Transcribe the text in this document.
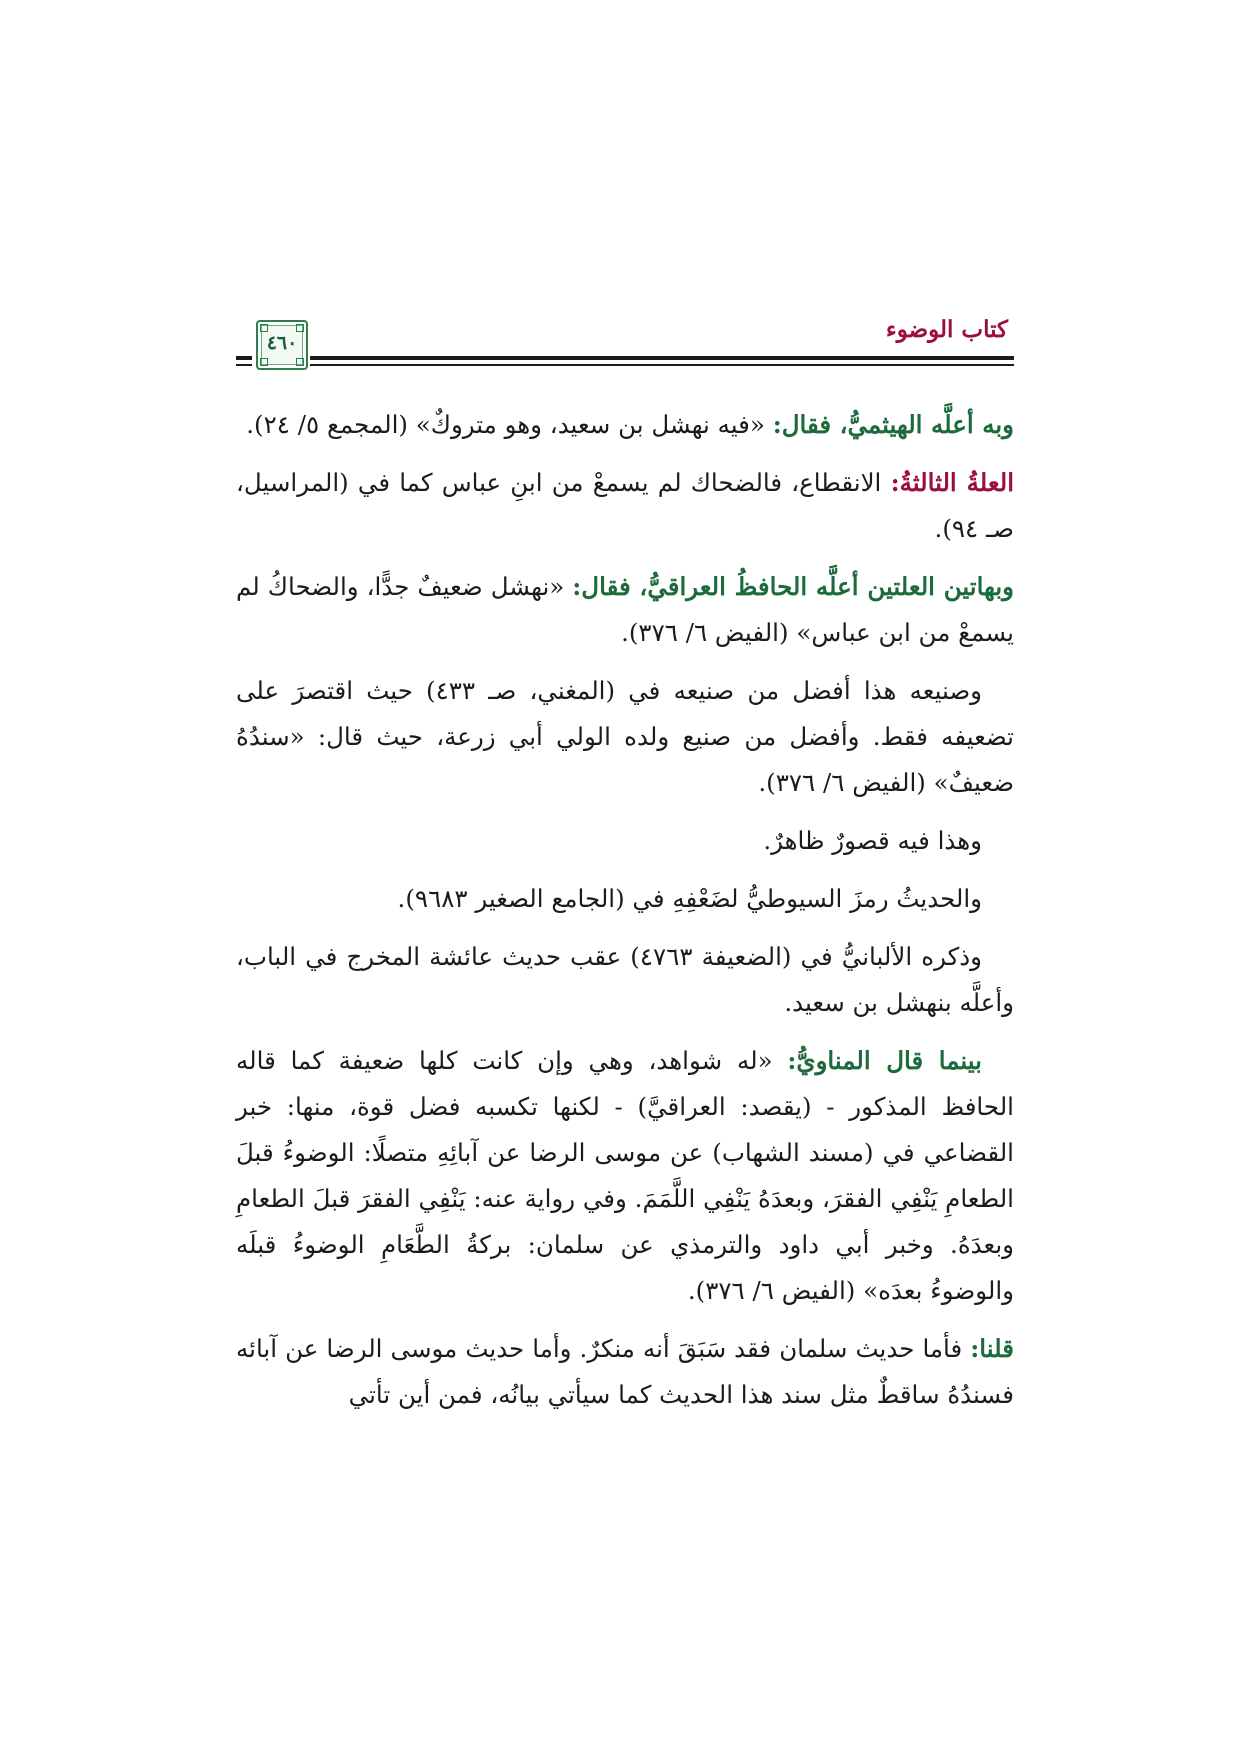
٤٦٠	كتاب الوضوء

وبه أعلَّه الهيثميُّ، فقال: «فيه نهشل بن سعيد، وهو متروكٌ» (المجمع ٥/ ٢٤).

العلةُ الثالثةُ: الانقطاع، فالضحاك لم يسمعْ من ابنِ عباس كما في (المراسيل، صـ ٩٤).

وبهاتين العلتين أعلَّه الحافظُ العراقيُّ، فقال: «نهشل ضعيفٌ جدًّا، والضحاكُ لم يسمعْ من ابن عباس» (الفيض ٦/ ٣٧٦).

وصنيعه هذا أفضل من صنيعه في (المغني، صـ ٤٣٣) حيث اقتصرَ على تضعيفه فقط. وأفضل من صنيع ولده الولي أبي زرعة، حيث قال: «سندُهُ ضعيفٌ» (الفيض ٦/ ٣٧٦).

وهذا فيه قصورٌ ظاهرٌ.

والحديثُ رمزَ السيوطيُّ لضَعْفِهِ في (الجامع الصغير ٩٦٨٣).

وذكره الألبانيُّ في (الضعيفة ٤٧٦٣) عقب حديث عائشة المخرج في الباب، وأعلَّه بنهشل بن سعيد.

بينما قال المناويُّ: «له شواهد، وهي وإن كانت كلها ضعيفة كما قاله الحافظ المذكور - (يقصد: العراقيَّ) - لكنها تكسبه فضل قوة، منها: خبر القضاعي في (مسند الشهاب) عن موسى الرضا عن آبائِهِ متصلًا: الوضوءُ قبلَ الطعامِ يَنْفِي الفقرَ، وبعدَهُ يَنْفِي اللَّمَمَ. وفي رواية عنه: يَنْفِي الفقرَ قبلَ الطعامِ وبعدَهُ. وخبر أبي داود والترمذي عن سلمان: بركةُ الطَّعَامِ الوضوءُ قبلَه والوضوءُ بعدَه» (الفيض ٦/ ٣٧٦).

قلنا: فأما حديث سلمان فقد سَبَقَ أنه منكرٌ. وأما حديث موسى الرضا عن آبائه فسندُهُ ساقطٌ مثل سند هذا الحديث كما سيأتي بيانُه، فمن أين تأتي
